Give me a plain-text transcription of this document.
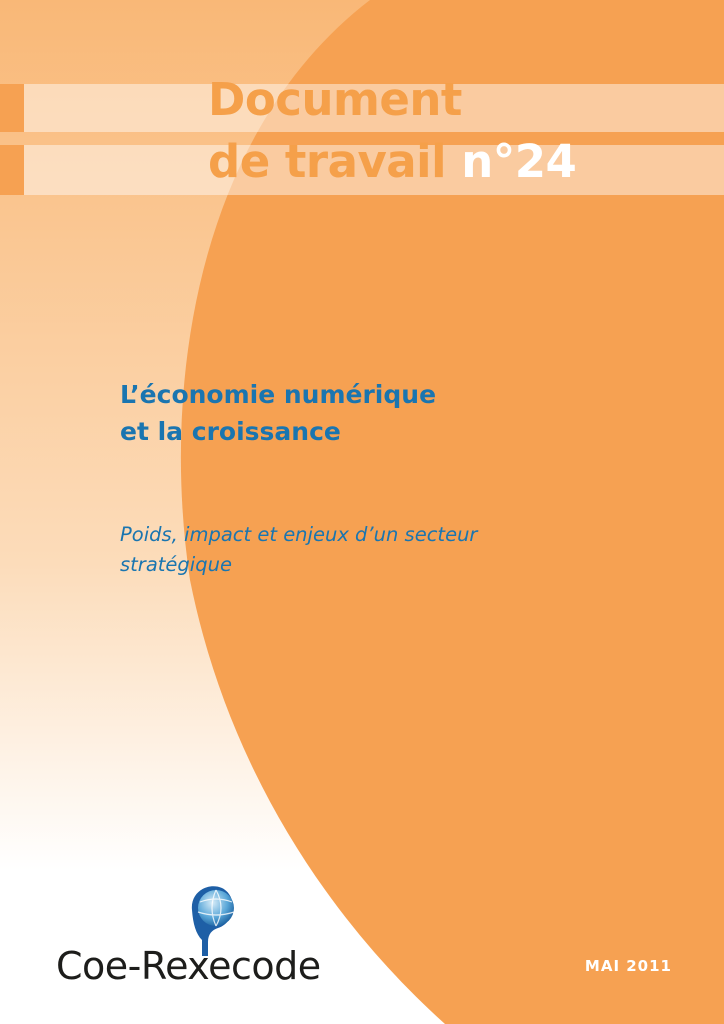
Document
de travail n°24
L’économie numérique
et la croissance

Poids, impact et enjeux d’un secteur
stratégique

Coe-Rexecode	MAI 2011
